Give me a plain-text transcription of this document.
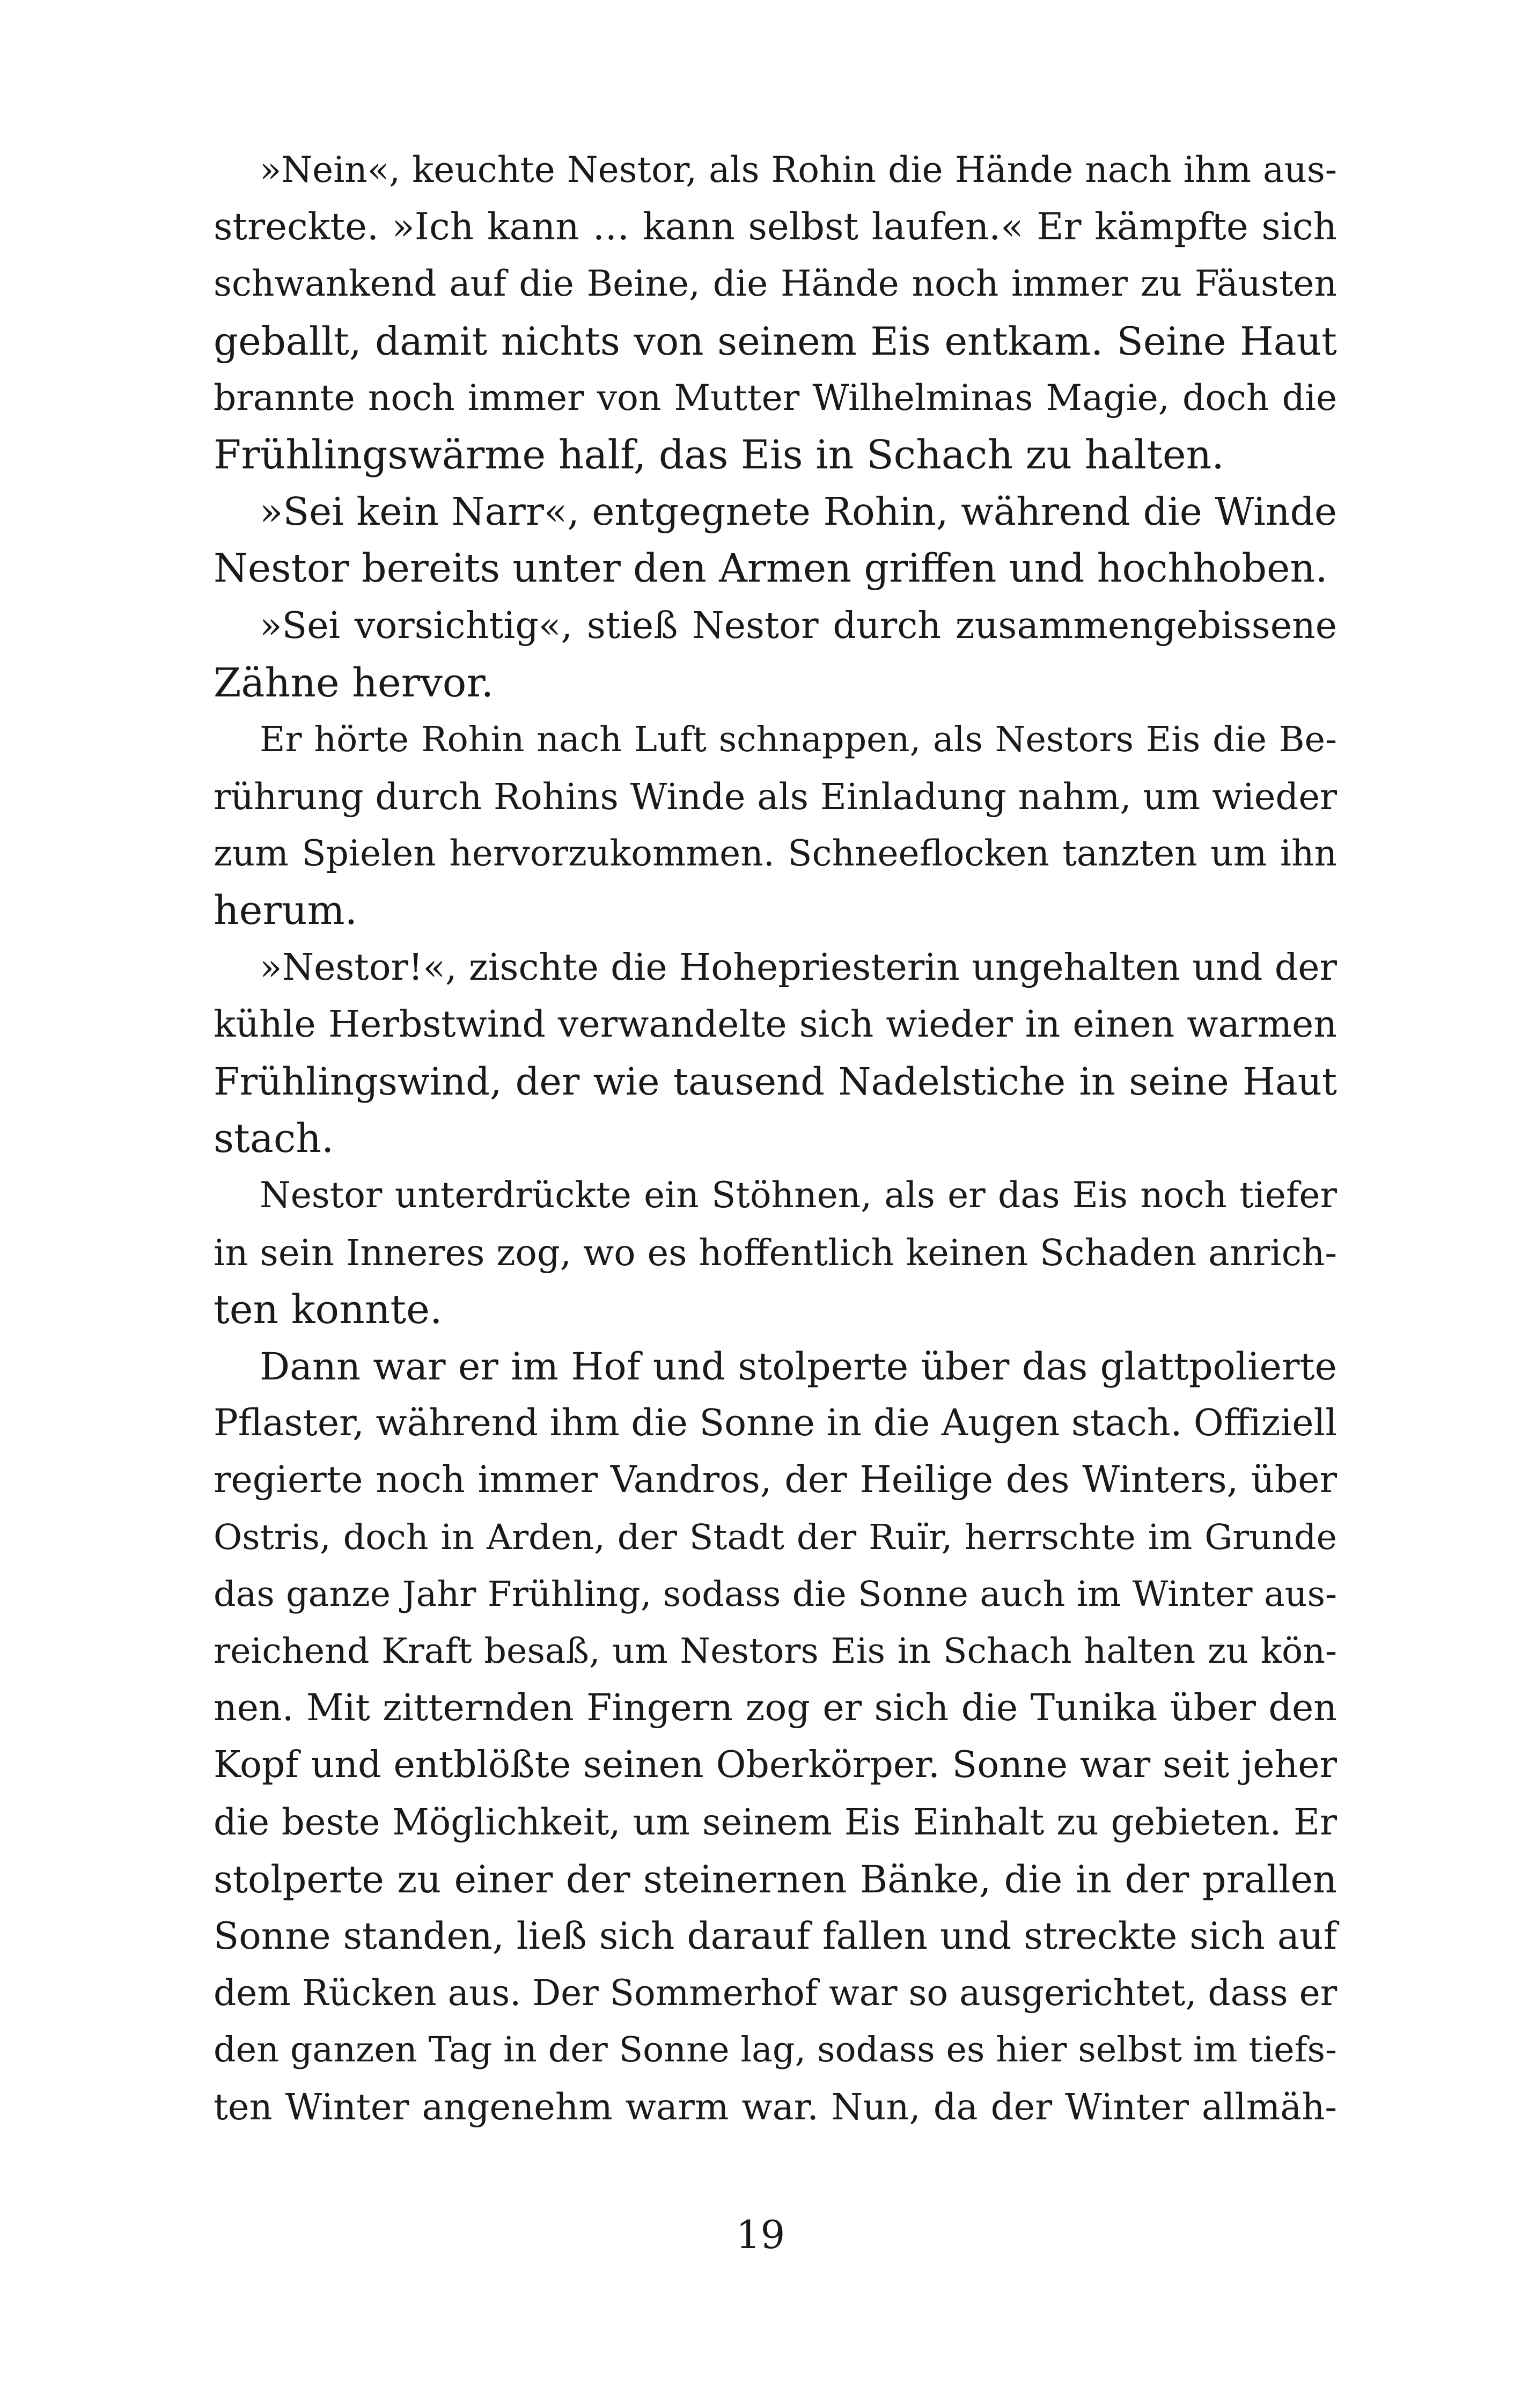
»Nein«, keuchte Nestor, als Rohin die Hände nach ihm aus-
streckte. »Ich kann … kann selbst laufen.« Er kämpfte sich
schwankend auf die Beine, die Hände noch immer zu Fäusten
geballt, damit nichts von seinem Eis entkam. Seine Haut
brannte noch immer von Mutter Wilhelminas Magie, doch die
Frühlingswärme half, das Eis in Schach zu halten.
»Sei kein Narr«, entgegnete Rohin, während die Winde
Nestor bereits unter den Armen griffen und hochhoben.
»Sei vorsichtig«, stieß Nestor durch zusammengebissene
Zähne hervor.
Er hörte Rohin nach Luft schnappen, als Nestors Eis die Be-
rührung durch Rohins Winde als Einladung nahm, um wieder
zum Spielen hervorzukommen. Schneeflocken tanzten um ihn
herum.
»Nestor!«, zischte die Hohepriesterin ungehalten und der
kühle Herbstwind verwandelte sich wieder in einen warmen
Frühlingswind, der wie tausend Nadelstiche in seine Haut
stach.
Nestor unterdrückte ein Stöhnen, als er das Eis noch tiefer
in sein Inneres zog, wo es hoffentlich keinen Schaden anrich-
ten konnte.
Dann war er im Hof und stolperte über das glattpolierte
Pflaster, während ihm die Sonne in die Augen stach. Offiziell
regierte noch immer Vandros, der Heilige des Winters, über
Ostris, doch in Arden, der Stadt der Ruïr, herrschte im Grunde
das ganze Jahr Frühling, sodass die Sonne auch im Winter aus-
reichend Kraft besaß, um Nestors Eis in Schach halten zu kön-
nen. Mit zitternden Fingern zog er sich die Tunika über den
Kopf und entblößte seinen Oberkörper. Sonne war seit jeher
die beste Möglichkeit, um seinem Eis Einhalt zu gebieten. Er
stolperte zu einer der steinernen Bänke, die in der prallen
Sonne standen, ließ sich darauf fallen und streckte sich auf
dem Rücken aus. Der Sommerhof war so ausgerichtet, dass er
den ganzen Tag in der Sonne lag, sodass es hier selbst im tiefs-
ten Winter angenehm warm war. Nun, da der Winter allmäh-
19
